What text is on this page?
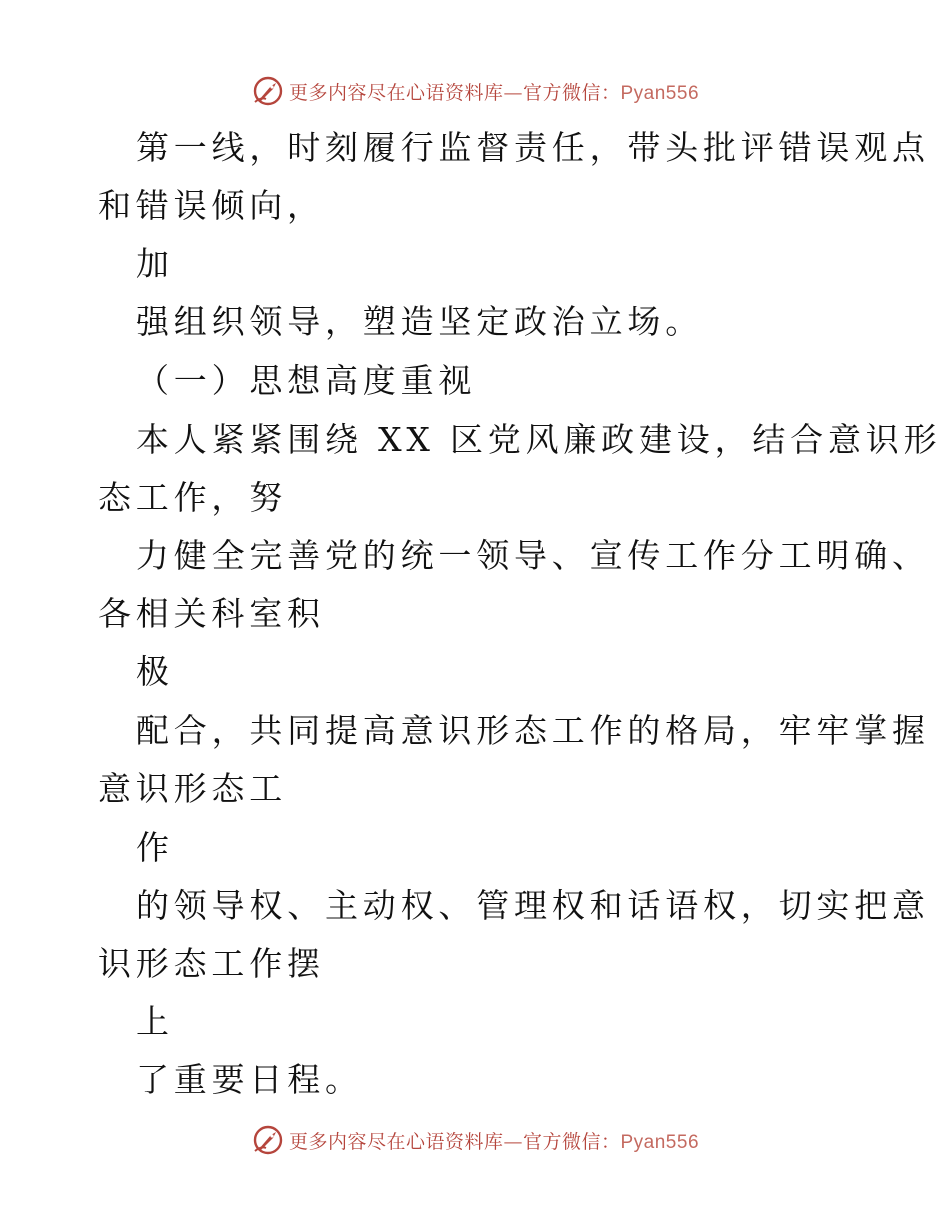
更多内容尽在心语资料库—官方微信：Pyan556
第一线，时刻履行监督责任，带头批评错误观点
和错误倾向，
加
强组织领导，塑造坚定政治立场。
（一）思想高度重视
本人紧紧围绕 XX 区党风廉政建设，结合意识形
态工作，努
力健全完善党的统一领导、宣传工作分工明确、
各相关科室积
极
配合，共同提高意识形态工作的格局，牢牢掌握
意识形态工
作
的领导权、主动权、管理权和话语权，切实把意
识形态工作摆
上
了重要日程。
更多内容尽在心语资料库—官方微信：Pyan556
